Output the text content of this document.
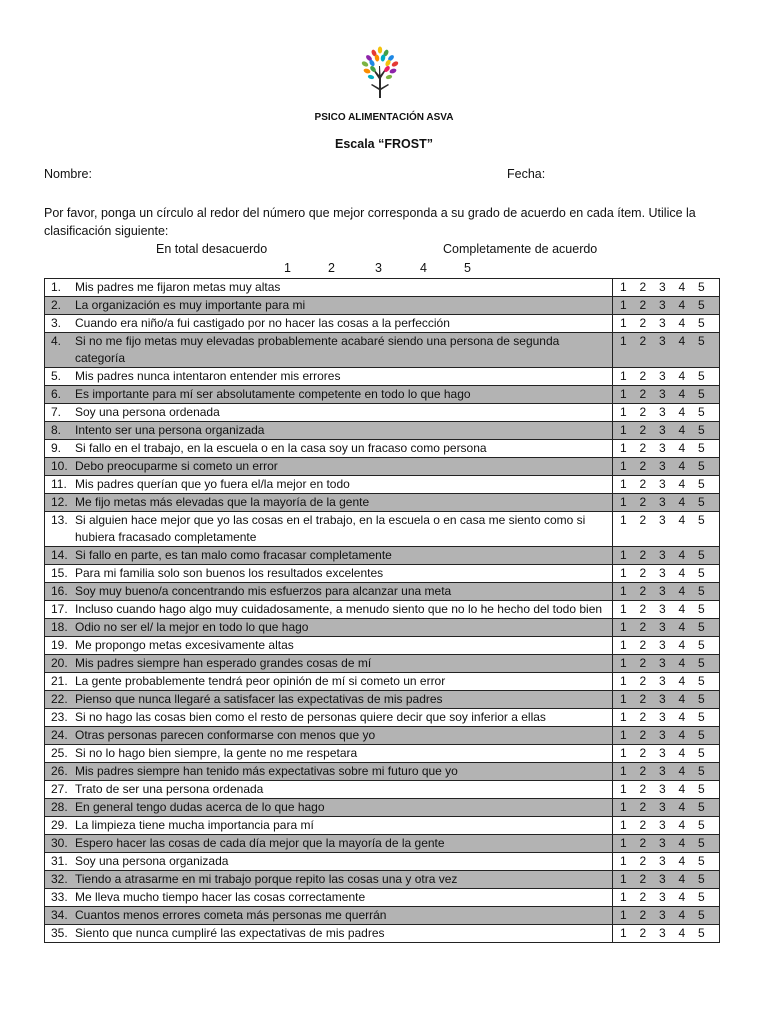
PSICO ALIMENTACIÓN ASVA
Escala “FROST”
Nombre:	Fecha:
Por favor, ponga un círculo al redor del número que mejor corresponda a su grado de acuerdo en cada ítem. Utilice la
clasificación siguiente:
En total desacuerdo	Completamente de acuerdo
1	2	3	4	5
1. Mis padres me fijaron metas muy altas	1 2 3 4 5
2. La organización es muy importante para mi	1 2 3 4 5
3. Cuando era niño/a fui castigado por no hacer las cosas a la perfección	1 2 3 4 5

4. Si no me fijo metas muy elevadas probablemente acabaré siendo una persona de segunda categoría	1 2 3 4 5
5. Mis padres nunca intentaron entender mis errores	1 2 3 4 5
6. Es importante para mí ser absolutamente competente en todo lo que hago	1 2 3 4 5
7. Soy una persona ordenada	1 2 3 4 5
8. Intento ser una persona organizada	1 2 3 4 5
9. Si fallo en el trabajo, en la escuela o en la casa soy un fracaso como persona	1 2 3 4 5
10. Debo preocuparme si cometo un error	1 2 3 4 5
11. Mis padres querían que yo fuera el/la mejor en todo	1 2 3 4 5
12. Me fijo metas más elevadas que la mayoría de la gente	1 2 3 4 5

13. Si alguien hace mejor que yo las cosas en el trabajo, en la escuela o en casa me siento como si hubiera fracasado completamente	1 2 3 4 5
14. Si fallo en parte, es tan malo como fracasar completamente	1 2 3 4 5
15. Para mi familia solo son buenos los resultados excelentes	1 2 3 4 5
16. Soy muy bueno/a concentrando mis esfuerzos para alcanzar una meta	1 2 3 4 5

17. Incluso cuando hago algo muy cuidadosamente, a menudo siento que no lo he hecho del todo bien	1 2 3 4 5
18. Odio no ser el/ la mejor en todo lo que hago	1 2 3 4 5
19. Me propongo metas excesivamente altas	1 2 3 4 5
20. Mis padres siempre han esperado grandes cosas de mí	1 2 3 4 5
21. La gente probablemente tendrá peor opinión de mí si cometo un error	1 2 3 4 5
22. Pienso que nunca llegaré a satisfacer las expectativas de mis padres	1 2 3 4 5
23. Si no hago las cosas bien como el resto de personas quiere decir que soy inferior a ellas	1 2 3 4 5
24. Otras personas parecen conformarse con menos que yo	1 2 3 4 5
25. Si no lo hago bien siempre, la gente no me respetara	1 2 3 4 5
26. Mis padres siempre han tenido más expectativas sobre mi futuro que yo	1 2 3 4 5
27. Trato de ser una persona ordenada	1 2 3 4 5
28. En general tengo dudas acerca de lo que hago	1 2 3 4 5
29. La limpieza tiene mucha importancia para mí	1 2 3 4 5
30. Espero hacer las cosas de cada día mejor que la mayoría de la gente	1 2 3 4 5
31. Soy una persona organizada	1 2 3 4 5
32. Tiendo a atrasarme en mi trabajo porque repito las cosas una y otra vez	1 2 3 4 5
33. Me lleva mucho tiempo hacer las cosas correctamente	1 2 3 4 5
34. Cuantos menos errores cometa más personas me querrán	1 2 3 4 5
35. Siento que nunca cumpliré las expectativas de mis padres	1 2 3 4 5
